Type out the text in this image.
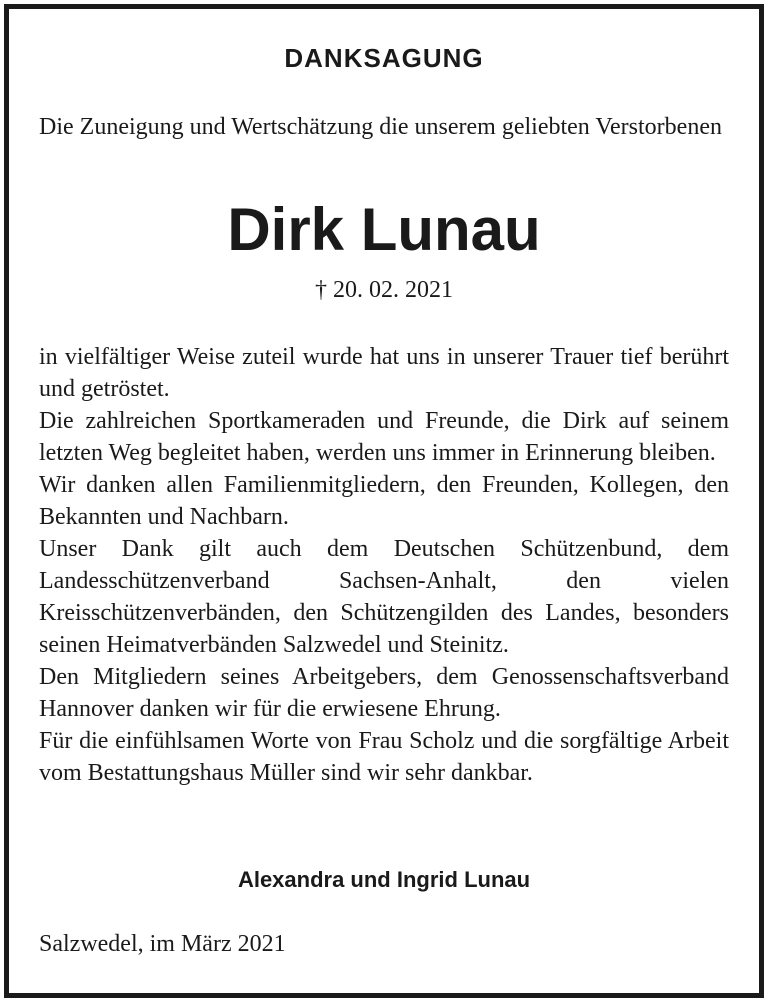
DANKSAGUNG
Die Zuneigung und Wertschätzung die unserem geliebten Verstorbenen
Dirk Lunau
† 20. 02. 2021

in vielfältiger Weise zuteil wurde hat uns in unserer Trauer tief berührt und getröstet.

Die zahlreichen Sportkameraden und Freunde, die Dirk auf seinem letzten Weg begleitet haben, werden uns immer in Erinnerung bleiben.

Wir danken allen Familienmitgliedern, den Freunden, Kollegen, den Bekannten und Nachbarn.

Unser Dank gilt auch dem Deutschen Schützenbund, dem Landesschützenverband Sachsen-Anhalt, den vielen Kreisschützenverbänden, den Schützengilden des Landes, besonders seinen Heimatverbänden Salzwedel und Steinitz.

Den Mitgliedern seines Arbeitgebers, dem Genossenschaftsverband Hannover danken wir für die erwiesene Ehrung.

Für die einfühlsamen Worte von Frau Scholz und die sorgfältige Arbeit vom Bestattungshaus Müller sind wir sehr dankbar.

Alexandra und Ingrid Lunau
Salzwedel, im März 2021
